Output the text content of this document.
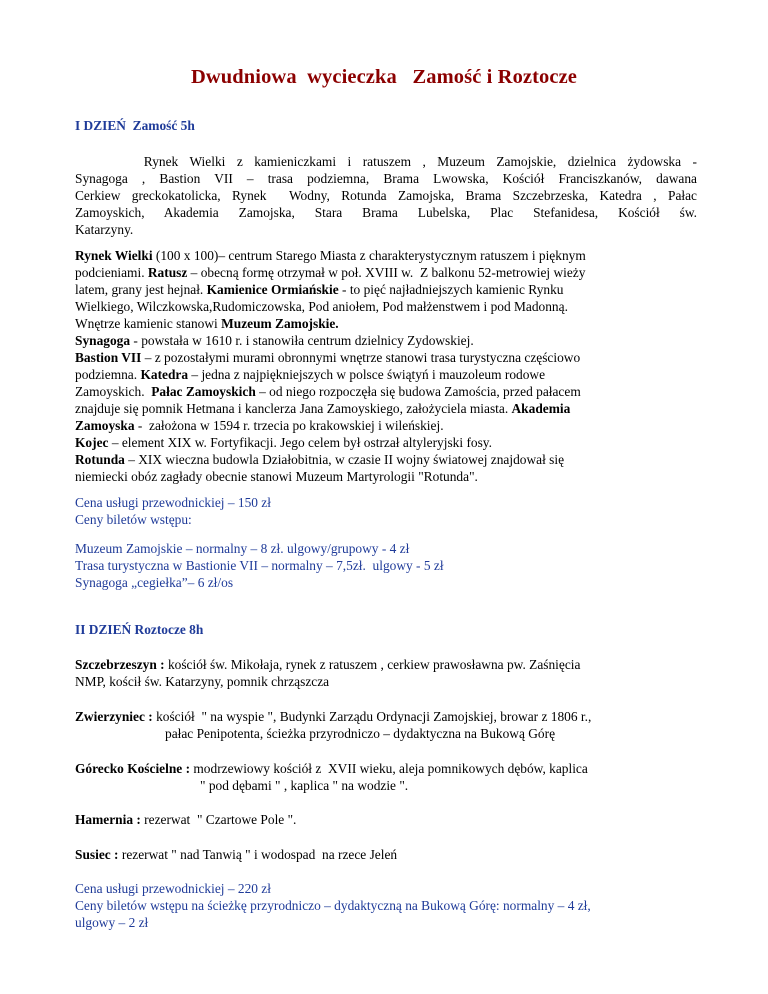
Dwudniowa  wycieczka   Zamość i Roztocze
I DZIEŃ  Zamość 5h
Rynek Wielki z kamieniczkami i ratuszem , Muzeum Zamojskie, dzielnica żydowska -
Synagoga , Bastion VII – trasa podziemna, Brama Lwowska, Kościół Franciszkanów, dawana
Cerkiew greckokatolicka, Rynek  Wodny, Rotunda Zamojska, Brama Szczebrzeska, Katedra , Pałac
Zamoyskich, Akademia Zamojska, Stara Brama Lubelska, Plac Stefanidesa, Kościół św.
Katarzyny.
Rynek Wielki (100 x 100)– centrum Starego Miasta z charakterystycznym ratuszem i pięknym
podcieniami. Ratusz – obecną formę otrzymał w poł. XVIII w.  Z balkonu 52-metrowiej wieży
latem, grany jest hejnał. Kamienice Ormiańskie - to pięć najładniejszych kamienic Rynku
Wielkiego, Wilczkowska,Rudomiczowska, Pod aniołem, Pod małżenstwem i pod Madonną.
Wnętrze kamienic stanowi Muzeum Zamojskie.
Synagoga - powstała w 1610 r. i stanowiła centrum dzielnicy Zydowskiej.
Bastion VII – z pozostałymi murami obronnymi wnętrze stanowi trasa turystyczna częściowo
podziemna. Katedra – jedna z najpiękniejszych w polsce świątyń i mauzoleum rodowe
Zamoyskich.  Pałac Zamoyskich – od niego rozpoczęła się budowa Zamościa, przed pałacem
znajduje się pomnik Hetmana i kanclerza Jana Zamoyskiego, założyciela miasta. Akademia
Zamoyska -  założona w 1594 r. trzecia po krakowskiej i wileńskiej.
Kojec – element XIX w. Fortyfikacji. Jego celem był ostrzał altyleryjski fosy.
Rotunda – XIX wieczna budowla Działobitnia, w czasie II wojny światowej znajdował się
niemiecki obóz zagłady obecnie stanowi Muzeum Martyrologii "Rotunda".
Cena usługi przewodnickiej – 150 zł
Ceny biletów wstępu:
Muzeum Zamojskie – normalny – 8 zł. ulgowy/grupowy - 4 zł
Trasa turystyczna w Bastionie VII – normalny – 7,5zł.  ulgowy - 5 zł
Synagoga „cegiełka”– 6 zł/os
II DZIEŃ Roztocze 8h
Szczebrzeszyn : kościół św. Mikołaja, rynek z ratuszem , cerkiew prawosławna pw. Zaśnięcia
NMP, kościł św. Katarzyny, pomnik chrząszcza
Zwierzyniec : kościół  " na wyspie ", Budynki Zarządu Ordynacji Zamojskiej, browar z 1806 r.,
pałac Penipotenta, ścieżka przyrodniczo – dydaktyczna na Bukową Górę
Górecko Kościelne : modrzewiowy kościół z  XVII wieku, aleja pomnikowych dębów, kaplica
" pod dębami " , kaplica " na wodzie ".
Hamernia : rezerwat  " Czartowe Pole ".
Susiec : rezerwat " nad Tanwią " i wodospad  na rzece Jeleń
Cena usługi przewodnickiej – 220 zł
Ceny biletów wstępu na ścieżkę przyrodniczo – dydaktyczną na Bukową Górę: normalny – 4 zł,
ulgowy – 2 zł
